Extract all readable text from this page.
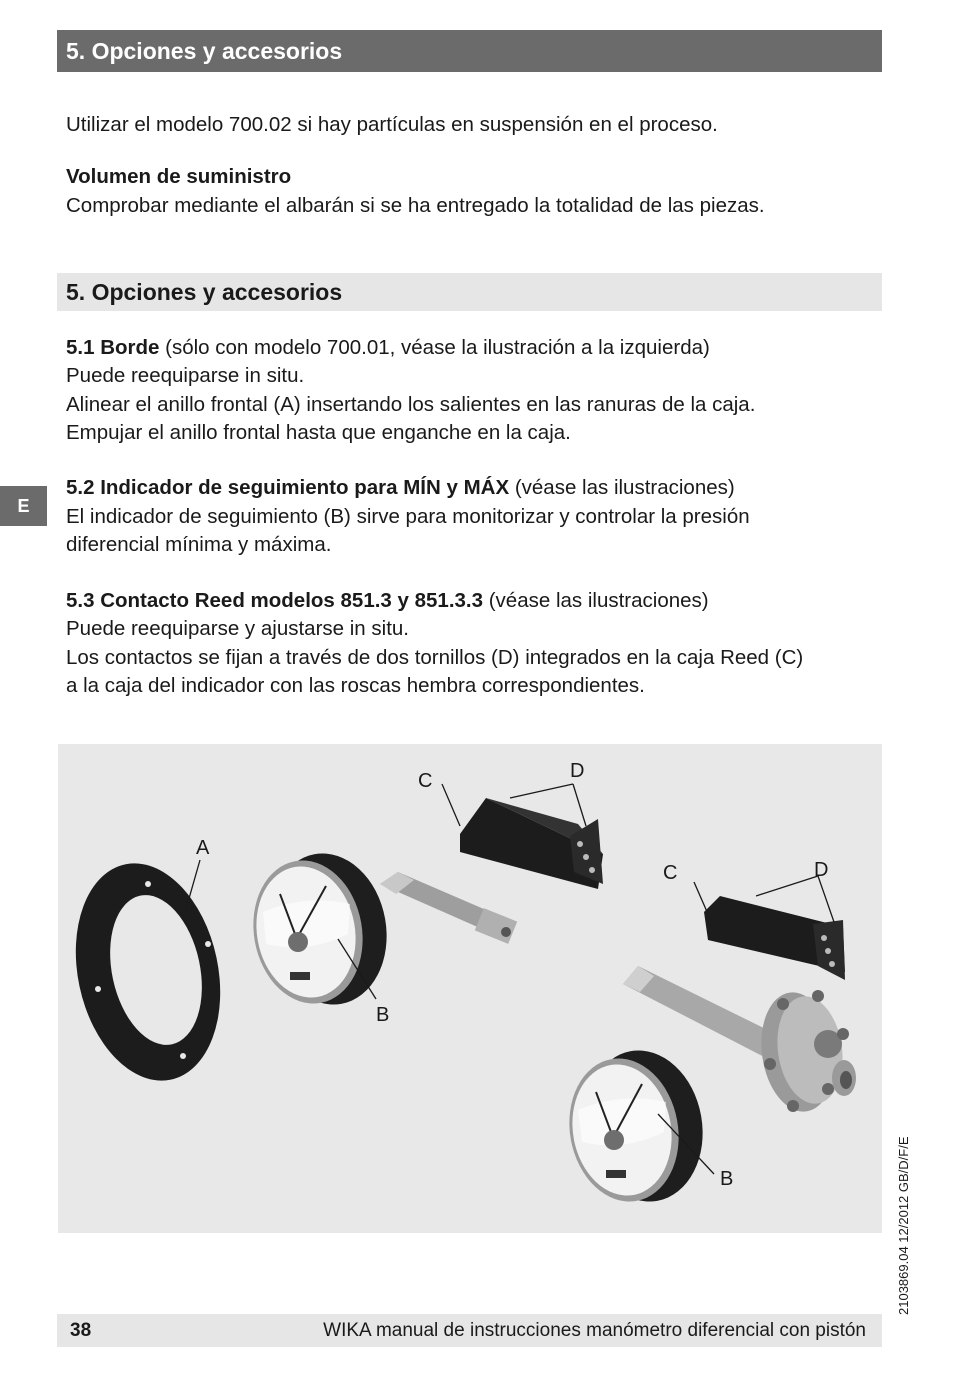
5. Opciones y accesorios
Utilizar el modelo 700.02 si hay partículas en suspensión en el proceso.
Volumen de suministro
Comprobar mediante el albarán si se ha entregado la totalidad de las piezas.
5. Opciones y accesorios
5.1 Borde (sólo con modelo 700.01, véase la ilustración a la izquierda)
Puede reequiparse in situ.
Alinear el anillo frontal (A) insertando los salientes en las ranuras de la caja.
Empujar el anillo frontal hasta que enganche en la caja.
E
5.2 Indicador de seguimiento para MÍN y MÁX (véase las ilustraciones)
El indicador de seguimiento (B) sirve para monitorizar y controlar la presión
diferencial mínima y máxima.
5.3 Contacto Reed modelos 851.3 y 851.3.3 (véase las ilustraciones)
Puede reequiparse y ajustarse in situ.
Los contactos se fijan a través de dos tornillos (D) integrados en la caja Reed (C)
a la caja del indicador con las roscas hembra correspondientes.
A
B
C	D
C	D
B	2103869.04 12/2012 GB/D/F/E
38	WIKA manual de instrucciones manómetro diferencial con pistón
